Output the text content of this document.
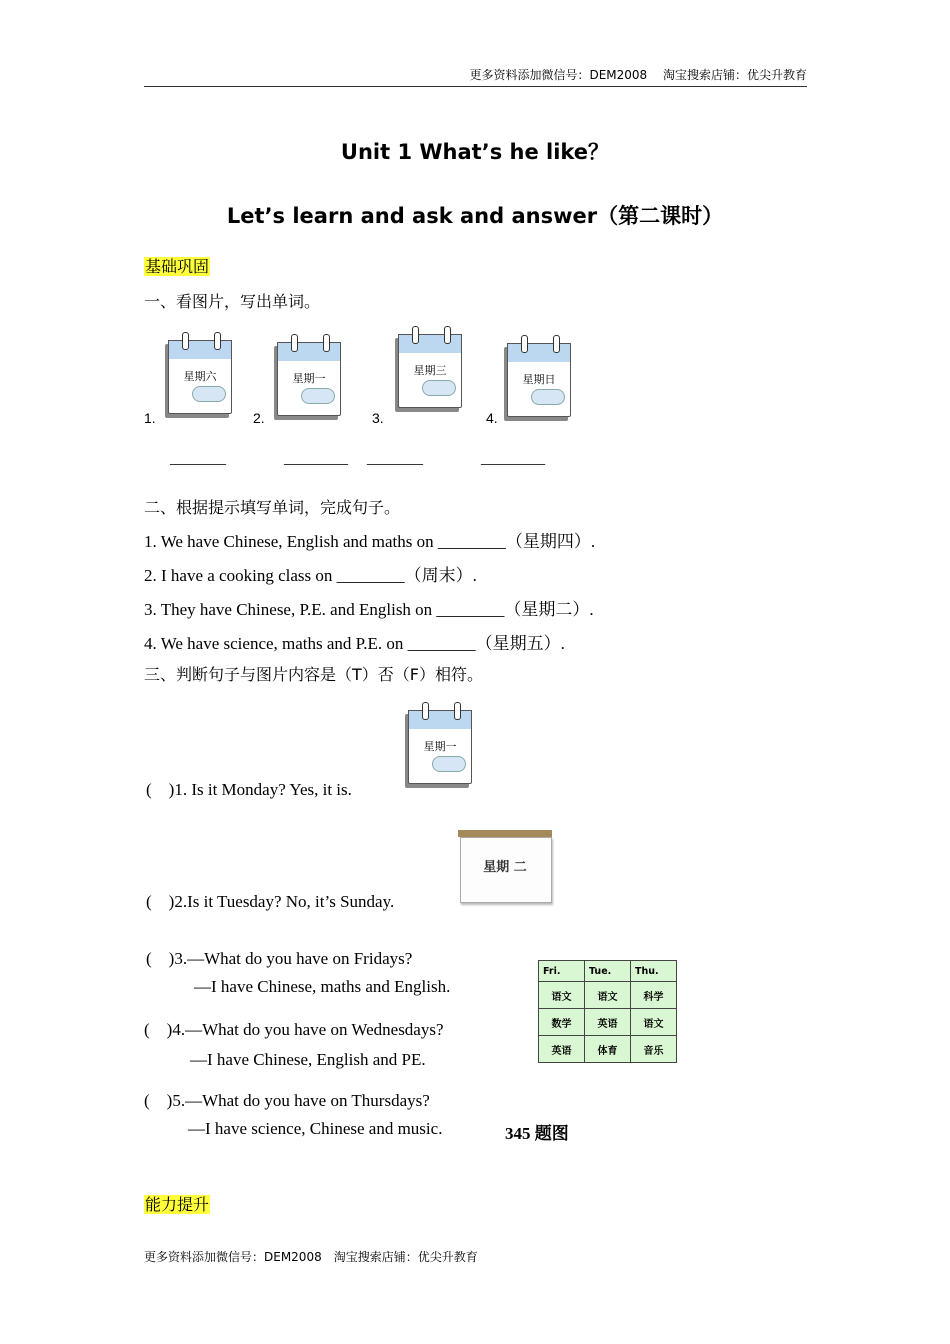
更多资料添加微信号：DEM2008　 淘宝搜索店铺：优尖升教育
Unit 1 What’s he like？
Let’s learn and ask and answer（第二课时）
基础巩固
一、看图片，写出单词。
1.
星期六
2.
星期一
3.
星期三
4.
星期日
_______	________ _______	________
二、根据提示填写单词，完成句子。
1. We have Chinese, English and maths on ________（星期四）.
2. I have a cooking class on ________（周末）.
3. They have Chinese, P.E. and English on ________（星期二）.
4. We have science, maths and P.E. on ________（星期五）.
三、判断句子与图片内容是（T）否（F）相符。
星期一
(　)1. Is it Monday? Yes, it is.
星期 二
(　)2.Is it Tuesday? No, it’s Sunday.
(　)3.—What do you have on Fridays?
—I have Chinese, maths and English.
(　)4.—What do you have on Wednesdays?
—I have Chinese, English and PE.
(　)5.—What do you have on Thursdays?
—I have science, Chinese and music.	345 题图
Fri.	Tue.	Thu.
语文	语文	科学
数学	英语	语文
英语	体育	音乐
能力提升
更多资料添加微信号：DEM2008　淘宝搜索店铺：优尖升教育
